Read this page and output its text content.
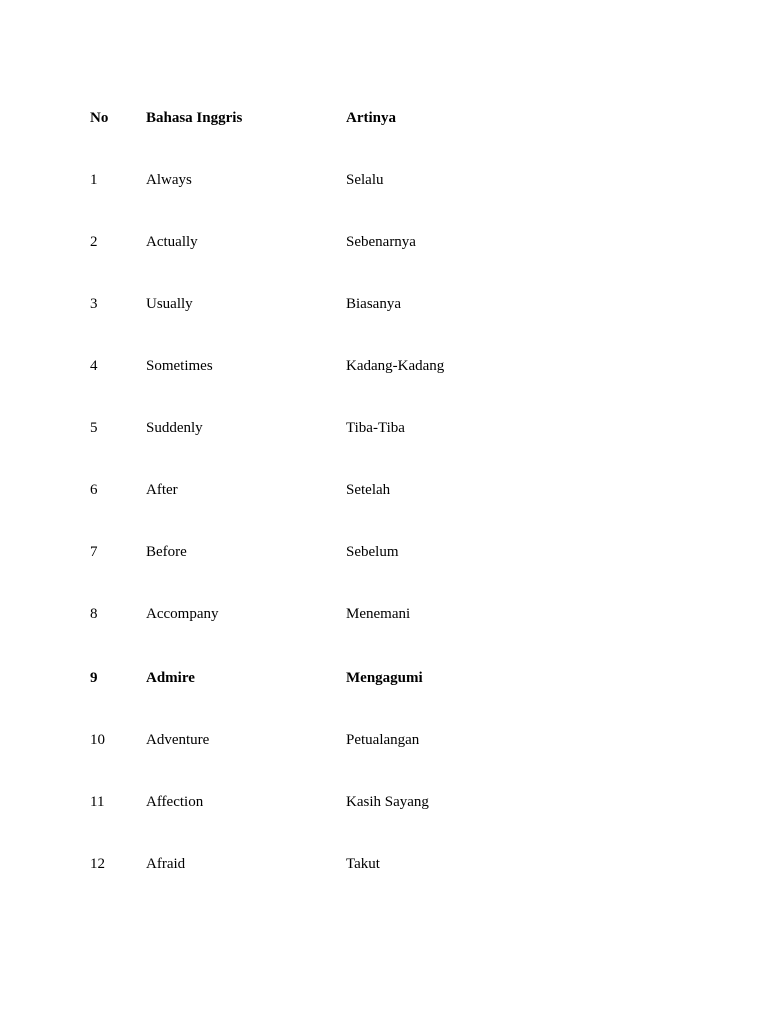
No	Bahasa Inggris	Artinya
1	Always	Selalu
2	Actually	Sebenarnya
3	Usually	Biasanya
4	Sometimes	Kadang-Kadang
5	Suddenly	Tiba-Tiba
6	After	Setelah
7	Before	Sebelum
8	Accompany	Menemani
9	Admire	Mengagumi
10	Adventure	Petualangan
11	Affection	Kasih Sayang
12	Afraid	Takut
